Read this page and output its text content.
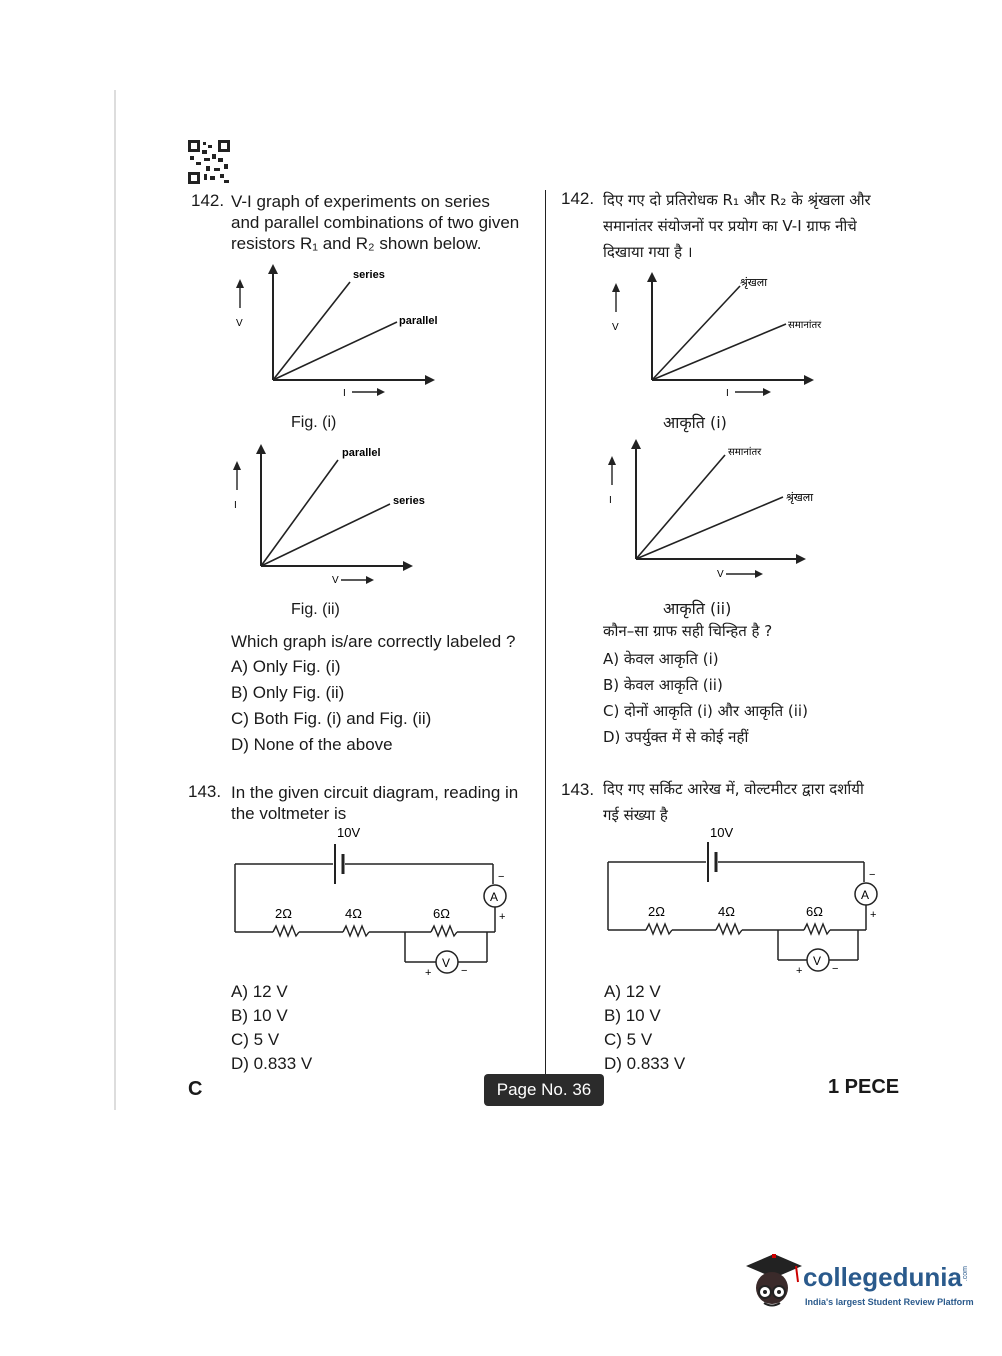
142. V-I graph of experiments on series
and parallel combinations of two given
resistors R₁ and R₂ shown below.
series
parallel
V
I
Fig. (i)
parallel
series
I
V
Fig. (ii)
Which graph is/are correctly labeled ?
A) Only Fig. (i)
B) Only Fig. (ii)
C) Both Fig. (i) and Fig. (ii)
D) None of the above
143. In the given circuit diagram, reading in
the voltmeter is
10V
−
A
+
2Ω	4Ω	6Ω
V
+	−
A) 12 V
B) 10 V
C) 5 V
D) 0.833 V
142. दिए गए दो प्रतिरोधक R₁ और R₂ के श्रृंखला और
समानांतर संयोजनों पर प्रयोग का V-I ग्राफ नीचे
दिखाया गया है ।
श्रृंखला
समानांतर
V
I
आकृति (i)
समानांतर
श्रृंखला
I
V
आकृति (ii)
कौन–सा ग्राफ सही चिन्हित है ?
A) केवल आकृति (i)
B) केवल आकृति (ii)
C) दोनों आकृति (i) और आकृति (ii)
D) उपर्युक्त में से कोई नहीं
143. दिए गए सर्किट आरेख में, वोल्टमीटर द्वारा दर्शायी
गई संख्या है
10V
−
A
+
2Ω	4Ω	6Ω
V
+	−
A) 12 V
B) 10 V
C) 5 V
D) 0.833 V
C	Page No. 36	1 PECE
collegedunia .com
India's largest Student Review Platform
